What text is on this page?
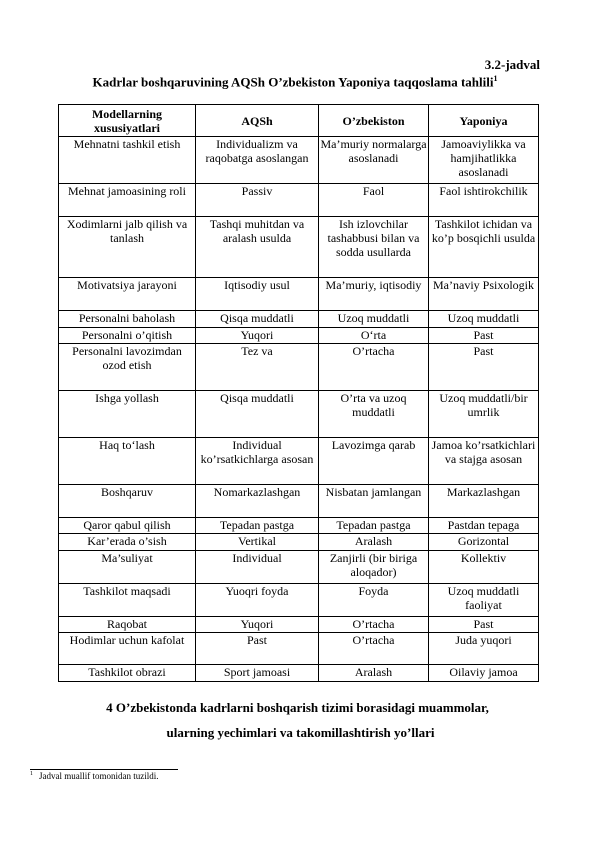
3.2-jadval
Kadrlar boshqaruvining AQSh O’zbekiston Yaponiya taqqoslama tahlili$^1$
Modellarning xususiyatlari	AQSh	O’zbekiston	Yaponiya
Mehnatni tashkil etish	Individualizm va raqobatga asoslangan	Ma’muriy normalarga asoslanadi	Jamoaviylikka va hamjihatlikka asoslanadi
Mehnat jamoasining roli	Passiv	Faol	Faol ishtirokchilik
Xodimlarni jalb qilish va tanlash	Tashqi muhitdan va aralash usulda	Ish izlovchilar tashabbusi bilan va sodda usullarda	Tashkilot ichidan va ko’p bosqichli usulda
Motivatsiya jarayoni	Iqtisodiy usul	Ma’muriy, iqtisodiy	Ma’naviy Psixologik
Personalni baholash	Qisqa muddatli	Uzoq muddatli	Uzoq muddatli
Personalni o’qitish	Yuqori	O‘rta	Past
Personalni lavozimdan ozod etish	Tez va	O’rtacha	Past
Ishga yollash	Qisqa muddatli	O’rta va uzoq muddatli	Uzoq muddatli/bir umrlik
Haq to‘lash	Individual ko’rsatkichlarga asosan	Lavozimga qarab	Jamoa ko’rsatkichlari va stajga asosan
Boshqaruv	Nomarkazlashgan	Nisbatan jamlangan	Markazlashgan
Qaror qabul qilish	Tepadan pastga	Tepadan pastga	Pastdan tepaga
Kar’erada o’sish	Vertikal	Aralash	Gorizontal
Ma’suliyat	Individual	Zanjirli (bir biriga aloqador)	Kollektiv
Tashkilot maqsadi	Yuoqri foyda	Foyda	Uzoq muddatli faoliyat
Raqobat	Yuqori	O’rtacha	Past
Hodimlar uchun kafolat	Past	O’rtacha	Juda yuqori
Tashkilot obrazi	Sport jamoasi	Aralash	Oilaviy jamoa
4 O’zbekistonda kadrlarni boshqarish tizimi borasidagi muammolar,
ularning yechimlari va takomillashtirish yo’llari
$^1$ Jadval muallif tomonidan tuzildi.
